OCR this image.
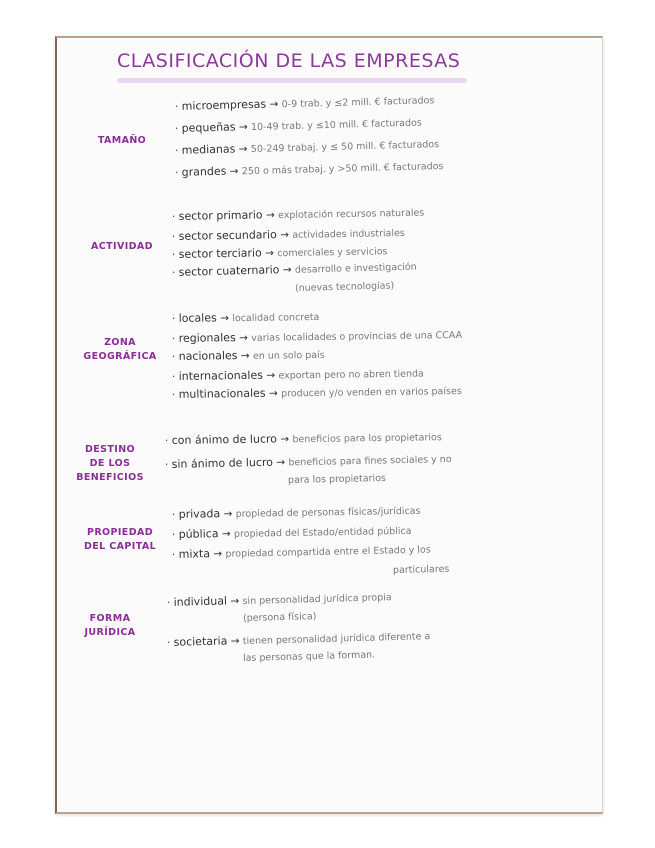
CLASIFICACIÓN DE LAS EMPRESAS
TAMAÑO
· microempresas → 0-9 trab. y ≤2 mill. € facturados
· pequeñas → 10-49 trab. y ≤10 mill. € facturados
· medianas → 50-249 trabaj. y ≤ 50 mill. € facturados
· grandes → 250 o más trabaj. y >50 mill. € facturados
ACTIVIDAD
· sector primario → explotación recursos naturales
· sector secundario → actividades industriales
· sector terciario → comerciales y servicios
· sector cuaternario → desarrollo e investigación
(nuevas tecnologías)
ZONA
GEOGRÁFICA
· locales → localidad concreta
· regionales → varias localidades o provincias de una CCAA
· nacionales → en un solo país
· internacionales → exportan pero no abren tienda
· multinacionales → producen y/o venden en varios países
DESTINO
DE LOS
BENEFICIOS
· con ánimo de lucro → beneficios para los propietarios
· sin ánimo de lucro → beneficios para fines sociales y no
para los propietarios
PROPIEDAD
DEL CAPITAL
· privada → propiedad de personas físicas/jurídicas
· pública → propiedad del Estado/entidad pública
· mixta → propiedad compartida entre el Estado y los
particulares
FORMA
JURÍDICA
· individual → sin personalidad jurídica propia
(persona física)
· societaria → tienen personalidad jurídica diferente a
las personas que la forman.
